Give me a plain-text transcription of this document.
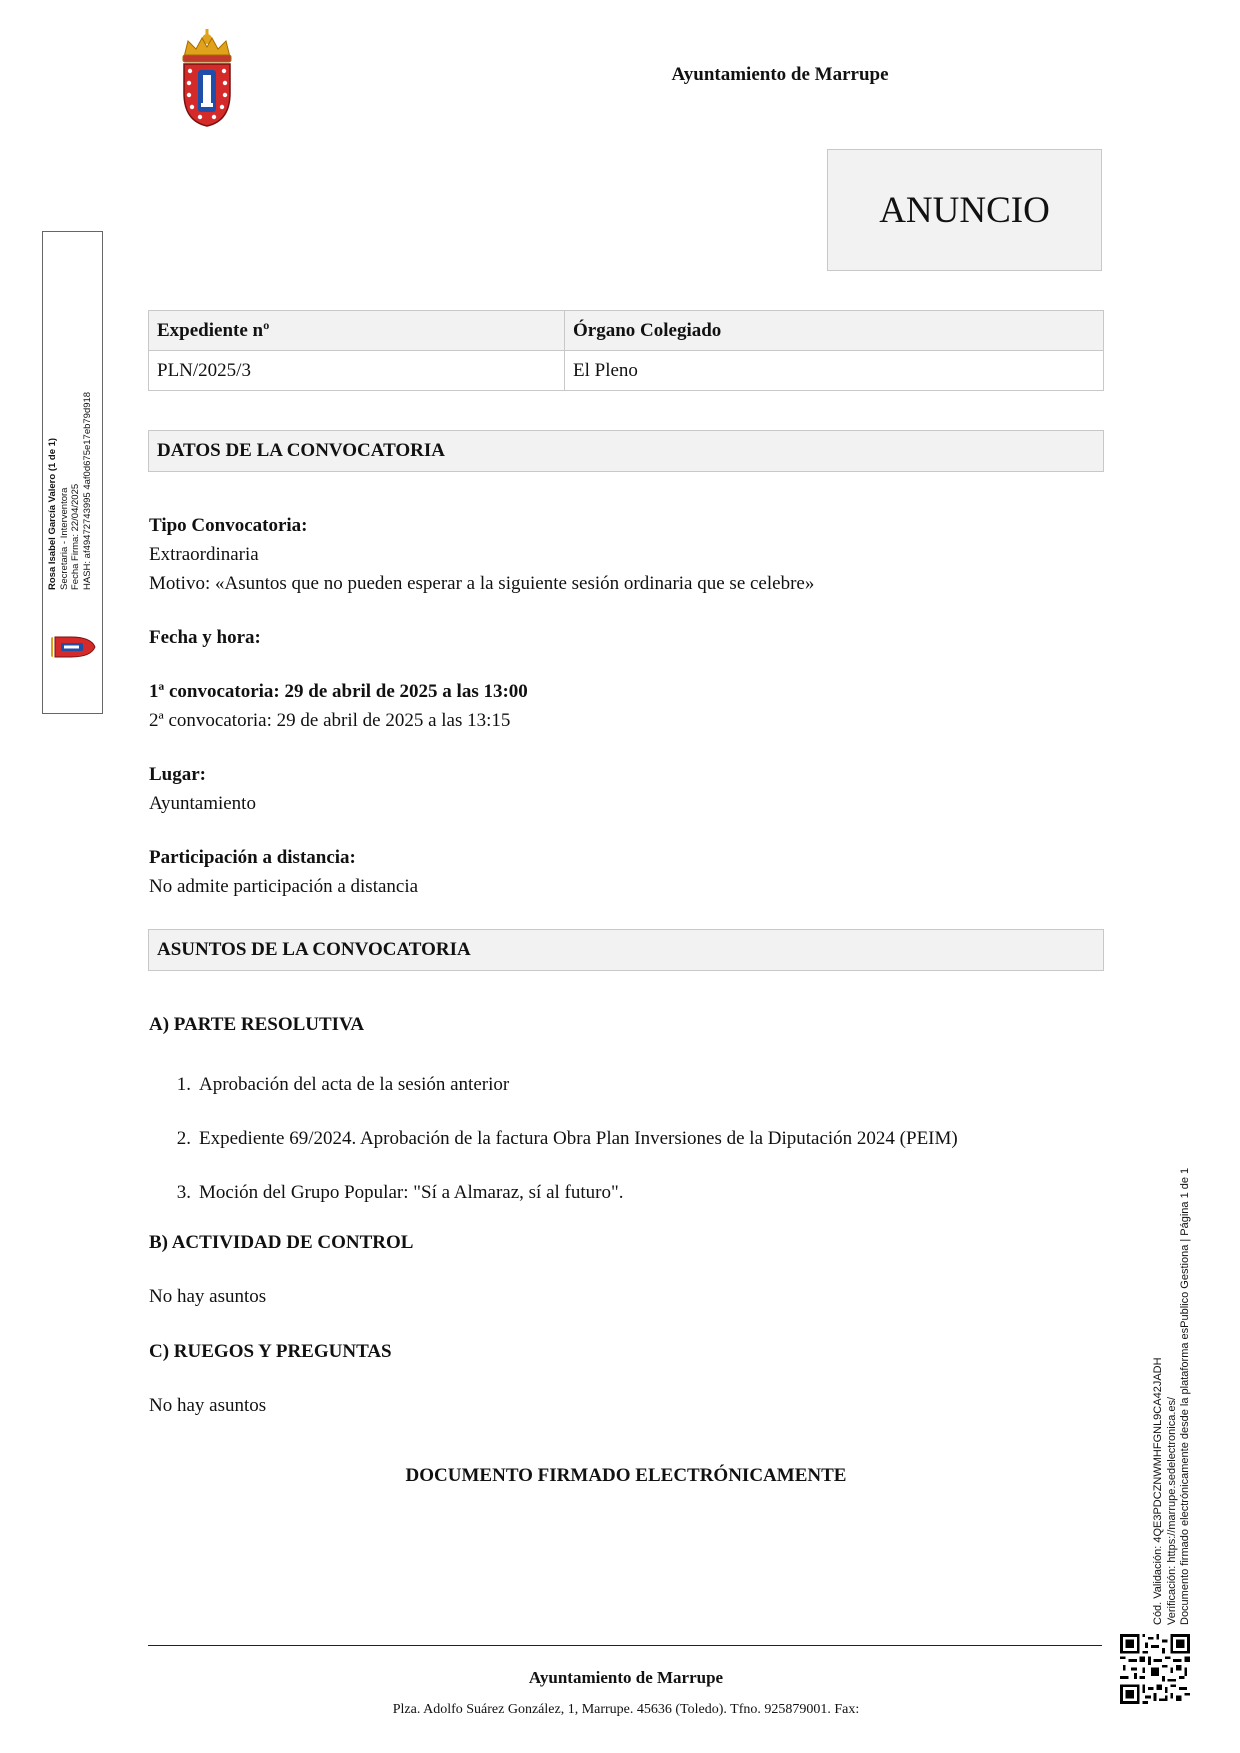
Ayuntamiento de Marrupe
ANUNCIO
Expediente nº	Órgano Colegiado
PLN/2025/3	El Pleno
DATOS DE LA CONVOCATORIA

Tipo Convocatoria:

Extraordinaria

Motivo: «Asuntos que no pueden esperar a la siguiente sesión ordinaria que se celebre»

Fecha y hora:

1ª convocatoria: 29 de abril de 2025 a las 13:00

2ª convocatoria: 29 de abril de 2025 a las 13:15

Lugar:

Ayuntamiento

Participación a distancia:

No admite participación a distancia

ASUNTOS DE LA CONVOCATORIA
A) PARTE RESOLUTIVA
1. Aprobación del acta de la sesión anterior
2. Expediente 69/2024. Aprobación de la factura Obra Plan Inversiones de la Diputación 2024 (PEIM)
3. Moción del Grupo Popular: "Sí a Almaraz, sí al futuro".
B) ACTIVIDAD DE CONTROL
No hay asuntos
C) RUEGOS Y PREGUNTAS
No hay asuntos
DOCUMENTO FIRMADO ELECTRÓNICAMENTE
Ayuntamiento de Marrupe
Plza. Adolfo Suárez González, 1, Marrupe. 45636 (Toledo). Tfno. 925879001. Fax:
Rosa Isabel García Valero (1 de 1) Secretaria - Interventora Fecha Firma: 22/04/2025 HASH: af49472743995 4af0d675e17eb79d918
Cód. Validación: 4QE3PDCZNWMHFGNL9CA42JADH Verificación: https://marrupe.sedelectronica.es/ Documento firmado electrónicamente desde la plataforma esPublico Gestiona | Página 1 de 1
